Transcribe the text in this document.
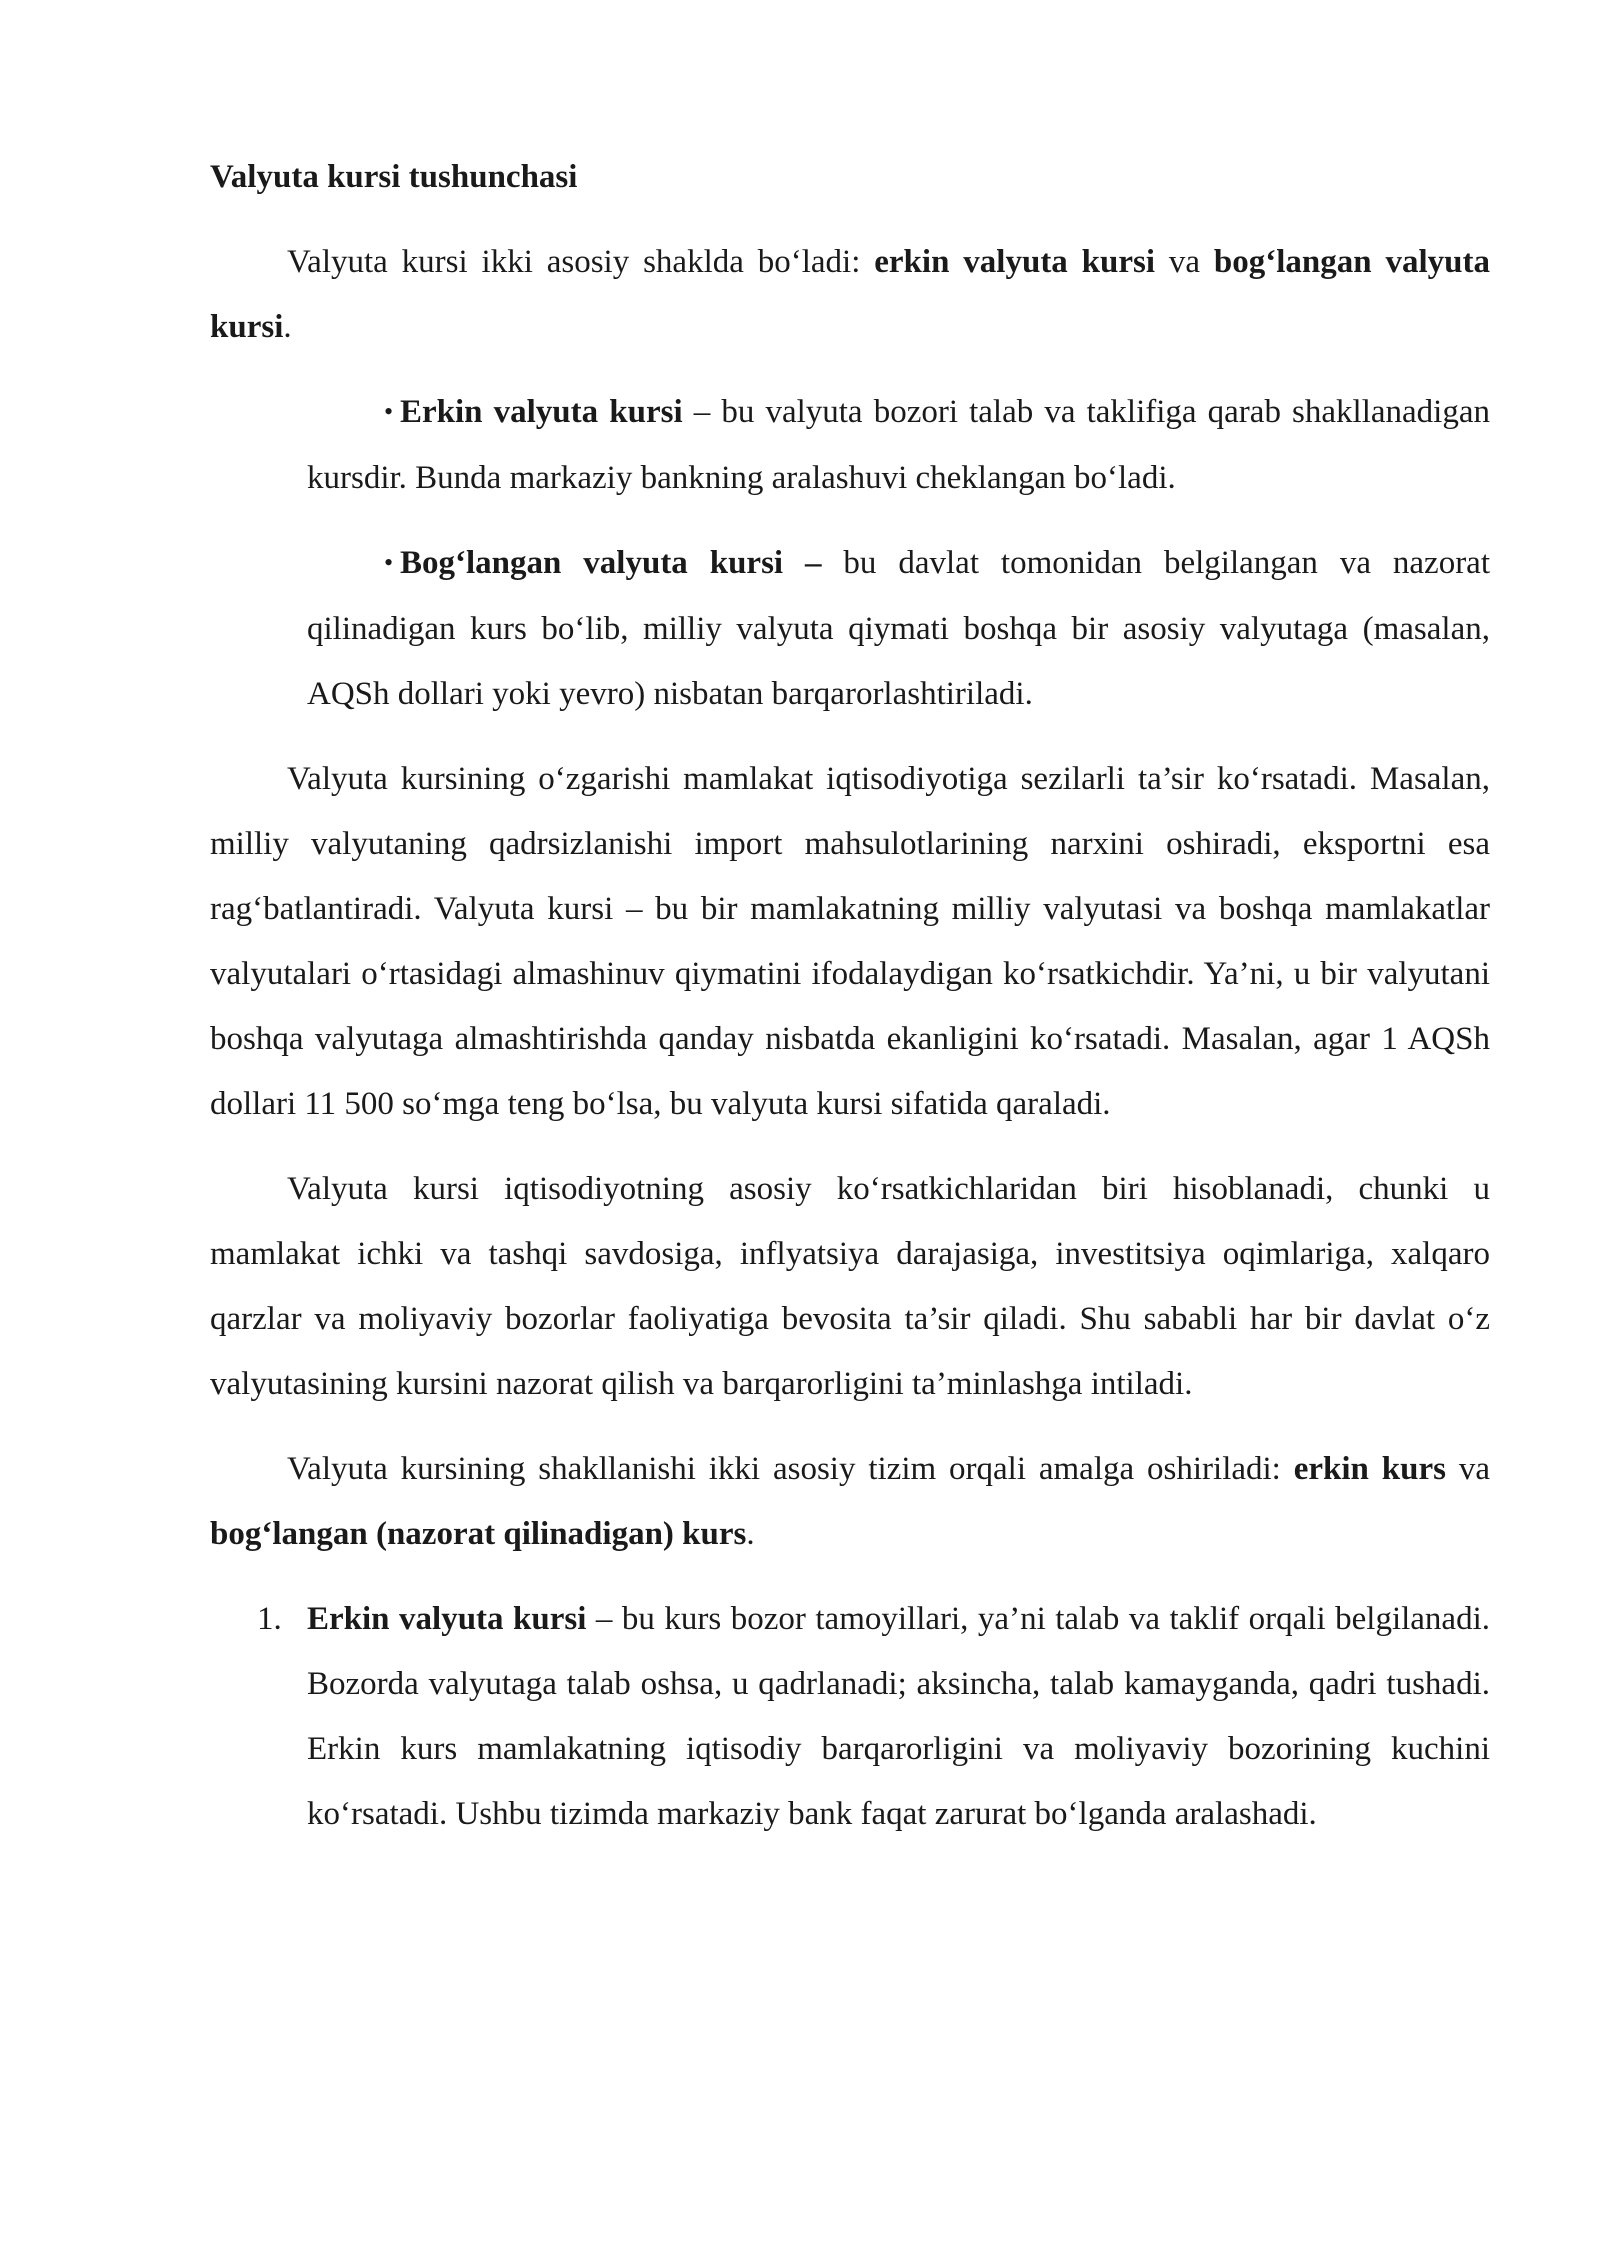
Valyuta kursi tushunchasi

Valyuta kursi ikki asosiy shaklda bo‘ladi: erkin valyuta kursi va bog‘langan valyuta kursi.

• Erkin valyuta kursi – bu valyuta bozori talab va taklifiga qarab shakllanadigan kursdir. Bunda markaziy bankning aralashuvi cheklangan bo‘ladi.

• Bog‘langan valyuta kursi – bu davlat tomonidan belgilangan va nazorat qilinadigan kurs bo‘lib, milliy valyuta qiymati boshqa bir asosiy valyutaga (masalan, AQSh dollari yoki yevro) nisbatan barqarorlashtiriladi.

Valyuta kursining o‘zgarishi mamlakat iqtisodiyotiga sezilarli ta’sir ko‘rsatadi. Masalan, milliy valyutaning qadrsizlanishi import mahsulotlarining narxini oshiradi, eksportni esa rag‘batlantiradi. Valyuta kursi – bu bir mamlakatning milliy valyutasi va boshqa mamlakatlar valyutalari o‘rtasidagi almashinuv qiymatini ifodalaydigan ko‘rsatkichdir. Ya’ni, u bir valyutani boshqa valyutaga almashtirishda qanday nisbatda ekanligini ko‘rsatadi. Masalan, agar 1 AQSh dollari 11 500 so‘mga teng bo‘lsa, bu valyuta kursi sifatida qaraladi.

Valyuta kursi iqtisodiyotning asosiy ko‘rsatkichlaridan biri hisoblanadi, chunki u mamlakat ichki va tashqi savdosiga, inflyatsiya darajasiga, investitsiya oqimlariga, xalqaro qarzlar va moliyaviy bozorlar faoliyatiga bevosita ta’sir qiladi. Shu sababli har bir davlat o‘z valyutasining kursini nazorat qilish va barqarorligini ta’minlashga intiladi.

Valyuta kursining shakllanishi ikki asosiy tizim orqali amalga oshiriladi: erkin kurs va bog‘langan (nazorat qilinadigan) kurs.

1. Erkin valyuta kursi – bu kurs bozor tamoyillari, ya’ni talab va taklif orqali belgilanadi. Bozorda valyutaga talab oshsa, u qadrlanadi; aksincha, talab kamayganda, qadri tushadi. Erkin kurs mamlakatning iqtisodiy barqarorligini va moliyaviy bozorining kuchini ko‘rsatadi. Ushbu tizimda markaziy bank faqat zarurat bo‘lganda aralashadi.
